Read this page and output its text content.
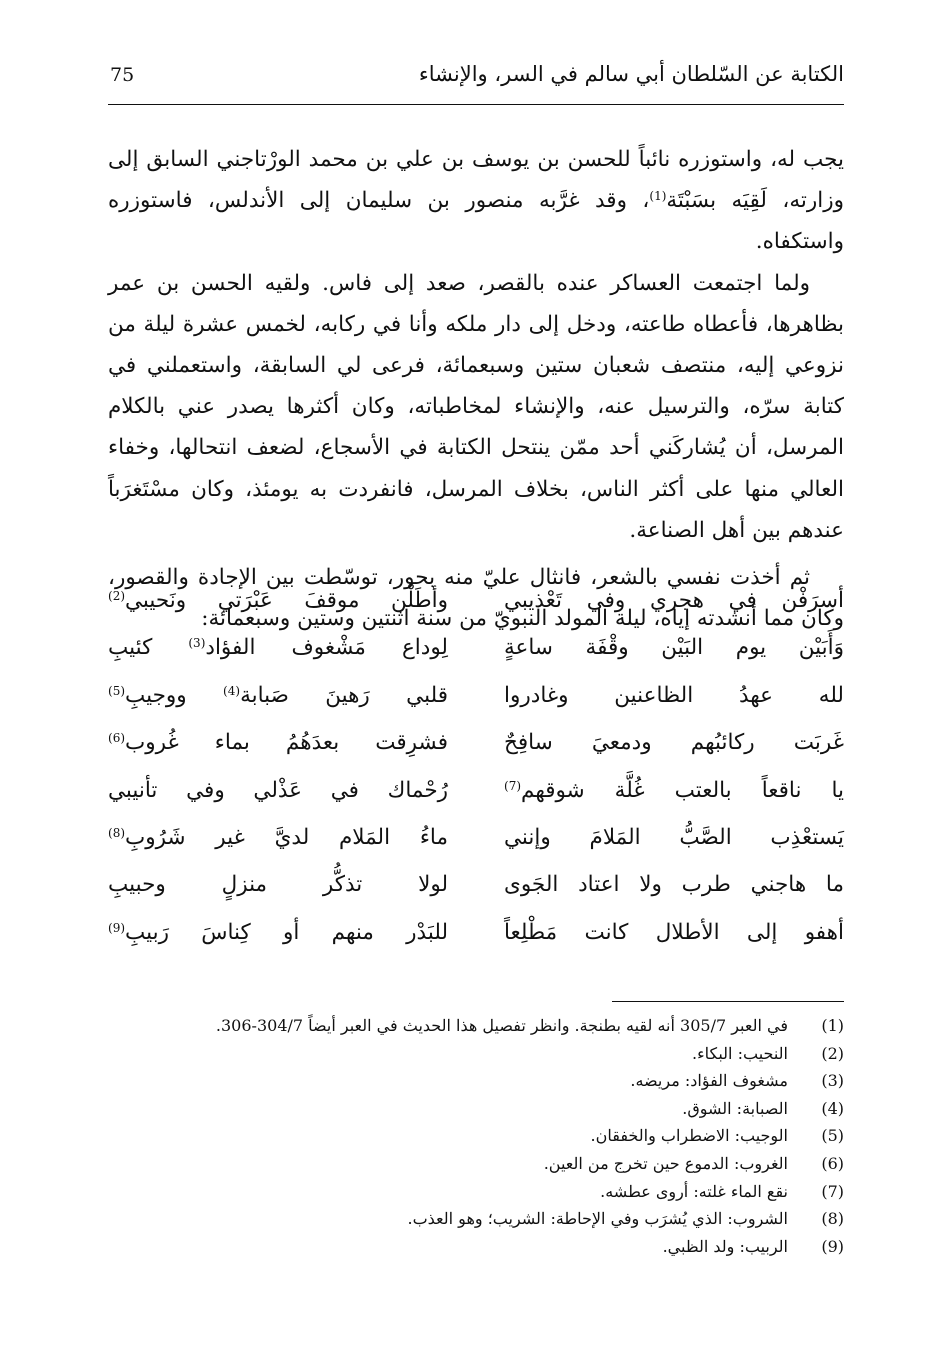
الكتابة عن السّلطان أبي سالم في السر، والإنشاء
75

يجب له، واستوزره نائباً للحسن بن يوسف بن علي بن محمد الورْتاجني السابق إلى وزارته، لَقِيَه بسَبْتَة$^{(1)}$، وقد غرَّبه منصور بن سليمان إلى الأندلس، فاستوزره واستكفاه.

ولما اجتمعت العساكر عنده بالقصر، صعد إلى فاس. ولقيه الحسن بن عمر بظاهرها، فأعطاه طاعته، ودخل إلى دار ملكه وأنا في ركابه، لخمس عشرة ليلة من نزوعي إليه، منتصف شعبان ستين وسبعمائة، فرعى لي السابقة، واستعملني في كتابة سرّه، والترسيل عنه، والإنشاء لمخاطباته، وكان أكثرها يصدر عني بالكلام المرسل، أن يُشاركَني أحد ممّن ينتحل الكتابة في الأسجاع، لضعف انتحالها، وخفاء العالي منها على أكثر الناس، بخلاف المرسل، فانفردت به يومئذ، وكان مسْتَغرَباً عندهم بين أهل الصناعة.

ثم أخذت نفسي بالشعر، فانثال عليّ منه بحور، توسّطت بين الإجادة والقصور، وكان مما أنشدته إياه، ليلة المولد النبويّ من سنة اثنتين وستين وسبعمائة:

أسرَفْن في هجري وفي تَعْذيبي
وأطَلْن موقفَ عَبْرَتي ونَحيبي$^{(2)}$
وَأَبَيْن يوم البَيْن وقْفَة ساعةٍ
لِوداع مَشْغوف الفؤاد$^{(3)}$ كئيبِ
لله عهدُ الظاعنين وغادروا
قلبي رَهينَ صَبابة$^{(4)}$ ووجيبِ$^{(5)}$
غَربَت ركائبُهم ودمعيَ سافِحٌ
فشرِقت بعدَهُمُ بماء غُروب$^{(6)}$
يا ناقعاً بالعتب غُلَّة شوقهم$^{(7)}$
رُحْماك في عَذْلي وفي تأنيبي
يَستعْذِب الصَّبُّ المَلامَ وإنني
ماءُ المَلام لديَّ غير شَرُوبِ$^{(8)}$
ما هاجني طرب ولا اعتاد الجَوى
لولا تذكُّر منزلٍ وحبيبِ
أهفو إلى الأطلال كانت مَطْلِعاً
للبَدْر منهم أو كِناسَ رَبيبِ$^{(9)}$
(1)
في العبر 305/7 أنه لقيه بطنجة. وانظر تفصيل هذا الحديث في العبر أيضاً 304/7-306.
(2)
النحيب: البكاء.
(3)
مشغوف الفؤاد: مريضه.
(4)
الصبابة: الشوق.
(5)
الوجيب: الاضطراب والخفقان.
(6)
الغروب: الدموع حين تخرج من العين.
(7)
نقع الماء غلته: أروى عطشه.
(8)
الشروب: الذي يُشرَب وفي الإحاطة: الشريب؛ وهو العذب.
(9)
الربيب: ولد الظبي.
